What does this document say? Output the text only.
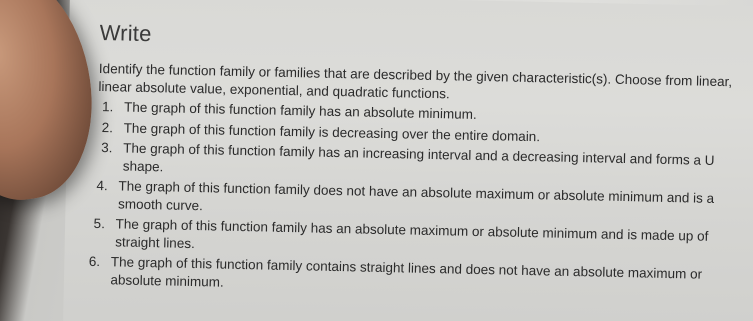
Write
Identify the function family or families that are described by the given characteristic(s). Choose from linear, linear absolute value, exponential, and quadratic functions.
1. The graph of this function family has an absolute minimum.
2. The graph of this function family is decreasing over the entire domain.
3. The graph of this function family has an increasing interval and a decreasing interval and forms a U shape.
4. The graph of this function family does not have an absolute maximum or absolute minimum and is a smooth curve.
5. The graph of this function family has an absolute maximum or absolute minimum and is made up of straight lines.
6. The graph of this function family contains straight lines and does not have an absolute maximum or absolute minimum.
